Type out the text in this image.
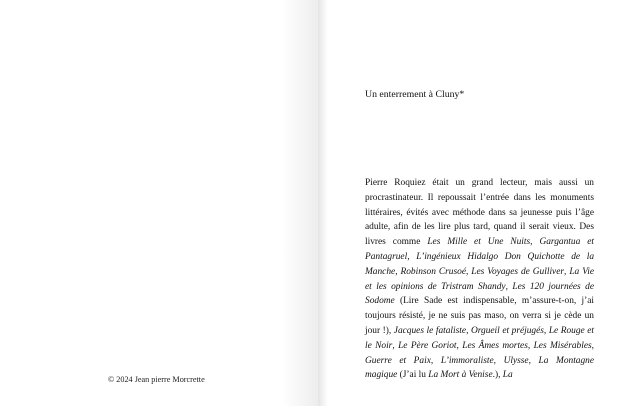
© 2024 Jean pierre Morcrette
Un enterrement à Cluny*

Pierre Roquiez était un grand lecteur, mais aussi un procrastinateur. Il repoussait l’entrée dans les monuments littéraires, évités avec méthode dans sa jeunesse puis l’âge adulte, afin de les lire plus tard, quand il serait vieux. Des livres comme Les Mille et Une Nuits, Gargantua et Pantagruel, L’ingénieux Hidalgo Don Quichotte de la Manche, Robinson Crusoé, Les Voyages de Gulliver, La Vie et les opinions de Tristram Shandy, Les 120 journées de Sodome (Lire Sade est indispensable, m’assure-t-on, j’ai toujours résisté, je ne suis pas maso, on verra si je cède un jour !), Jacques le fataliste, Orgueil et préjugés, Le Rouge et le Noir, Le Père Goriot, Les Âmes mortes, Les Misérables, Guerre et Paix, L’immoraliste, Ulysse, La Montagne magique (J’ai lu La Mort à Venise.), La
